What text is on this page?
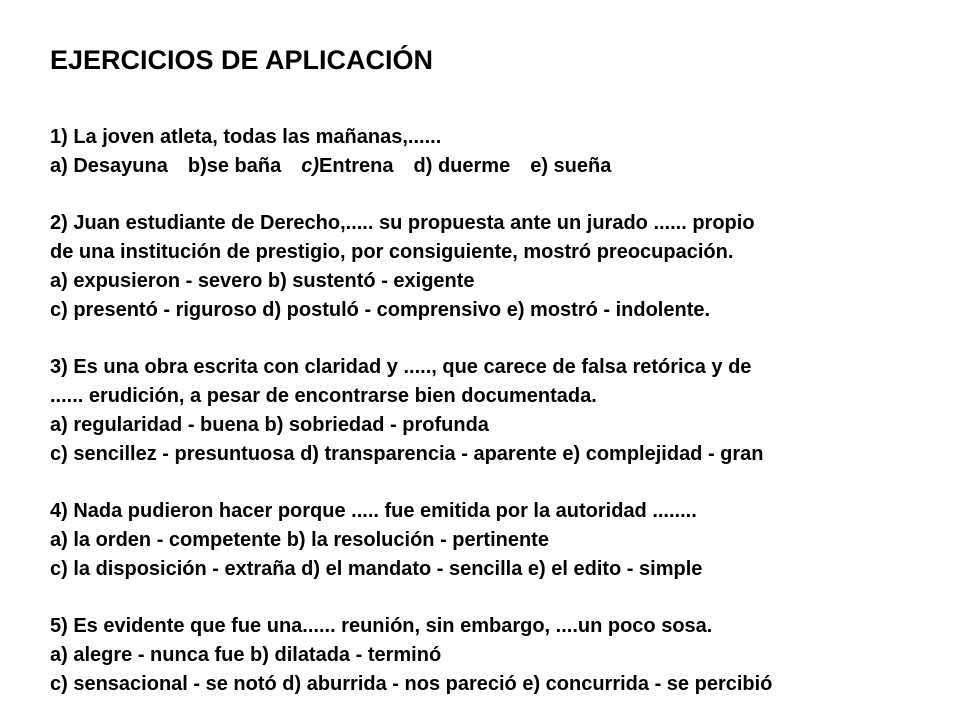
EJERCICIOS DE APLICACIÓN
1) La joven atleta, todas las mañanas,......
a) Desayuna b)se baña c)Entrena d) duerme e) sueña
2) Juan estudiante de Derecho,..... su propuesta ante un jurado ...... propio
de una institución de prestigio, por consiguiente, mostró preocupación.
a) expusieron - severo b) sustentó - exigente
c) presentó - riguroso d) postuló - comprensivo e) mostró - indolente.
3) Es una obra escrita con claridad y ....., que carece de falsa retórica y de
...... erudición, a pesar de encontrarse bien documentada.
a) regularidad - buena b) sobriedad - profunda
c) sencillez - presuntuosa d) transparencia - aparente e) complejidad - gran
4) Nada pudieron hacer porque ..... fue emitida por la autoridad ........
a) la orden - competente b) la resolución - pertinente
c) la disposición - extraña d) el mandato - sencilla e) el edito - simple
5) Es evidente que fue una...... reunión, sin embargo, ....un poco sosa.
a) alegre - nunca fue b) dilatada - terminó
c) sensacional - se notó d) aburrida - nos pareció e) concurrida - se percibió
